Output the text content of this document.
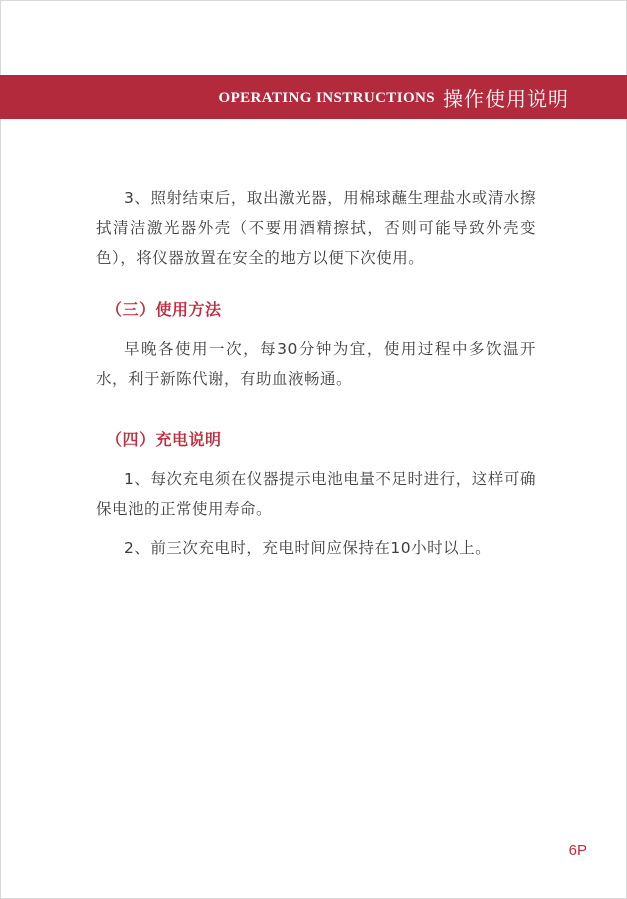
OPERATING INSTRUCTIONS 操作使用说明

3、照射结束后，取出激光器，用棉球蘸生理盐水或清水擦拭清洁激光器外壳（不要用酒精擦拭，否则可能导致外壳变色），将仪器放置在安全的地方以便下次使用。

（三）使用方法

早晚各使用一次，每30分钟为宜，使用过程中多饮温开水，利于新陈代谢，有助血液畅通。

（四）充电说明

1、每次充电须在仪器提示电池电量不足时进行，这样可确保电池的正常使用寿命。

2、前三次充电时，充电时间应保持在10小时以上。

6P
